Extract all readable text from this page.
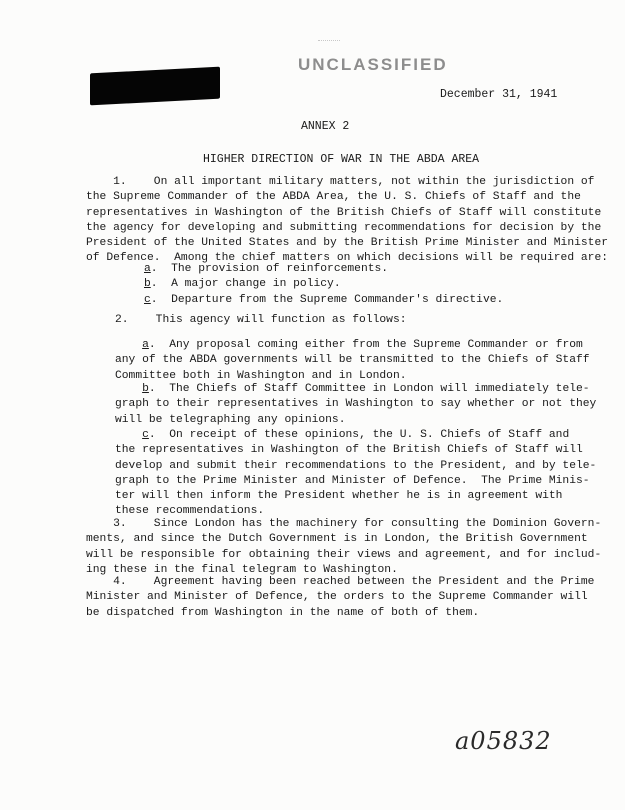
UNCLASSIFIED
December 31, 1941
ANNEX 2
HIGHER DIRECTION OF WAR IN THE ABDA AREA
1.    On all important military matters, not within the jurisdiction of
the Supreme Commander of the ABDA Area, the U. S. Chiefs of Staff and the
representatives in Washington of the British Chiefs of Staff will constitute
the agency for developing and submitting recommendations for decision by the
President of the United States and by the British Prime Minister and Minister
of Defence.  Among the chief matters on which decisions will be required are:
a.  The provision of reinforcements.
b.  A major change in policy.
c.  Departure from the Supreme Commander's directive.
2.    This agency will function as follows:
a.  Any proposal coming either from the Supreme Commander or from
any of the ABDA governments will be transmitted to the Chiefs of Staff
Committee both in Washington and in London.
b.  The Chiefs of Staff Committee in London will immediately tele-
graph to their representatives in Washington to say whether or not they
will be telegraphing any opinions.
c.  On receipt of these opinions, the U. S. Chiefs of Staff and
the representatives in Washington of the British Chiefs of Staff will
develop and submit their recommendations to the President, and by tele-
graph to the Prime Minister and Minister of Defence.  The Prime Minis-
ter will then inform the President whether he is in agreement with
these recommendations.
3.    Since London has the machinery for consulting the Dominion Govern-
ments, and since the Dutch Government is in London, the British Government
will be responsible for obtaining their views and agreement, and for includ-
ing these in the final telegram to Washington.
4.    Agreement having been reached between the President and the Prime
Minister and Minister of Defence, the orders to the Supreme Commander will
be dispatched from Washington in the name of both of them.
a05832
